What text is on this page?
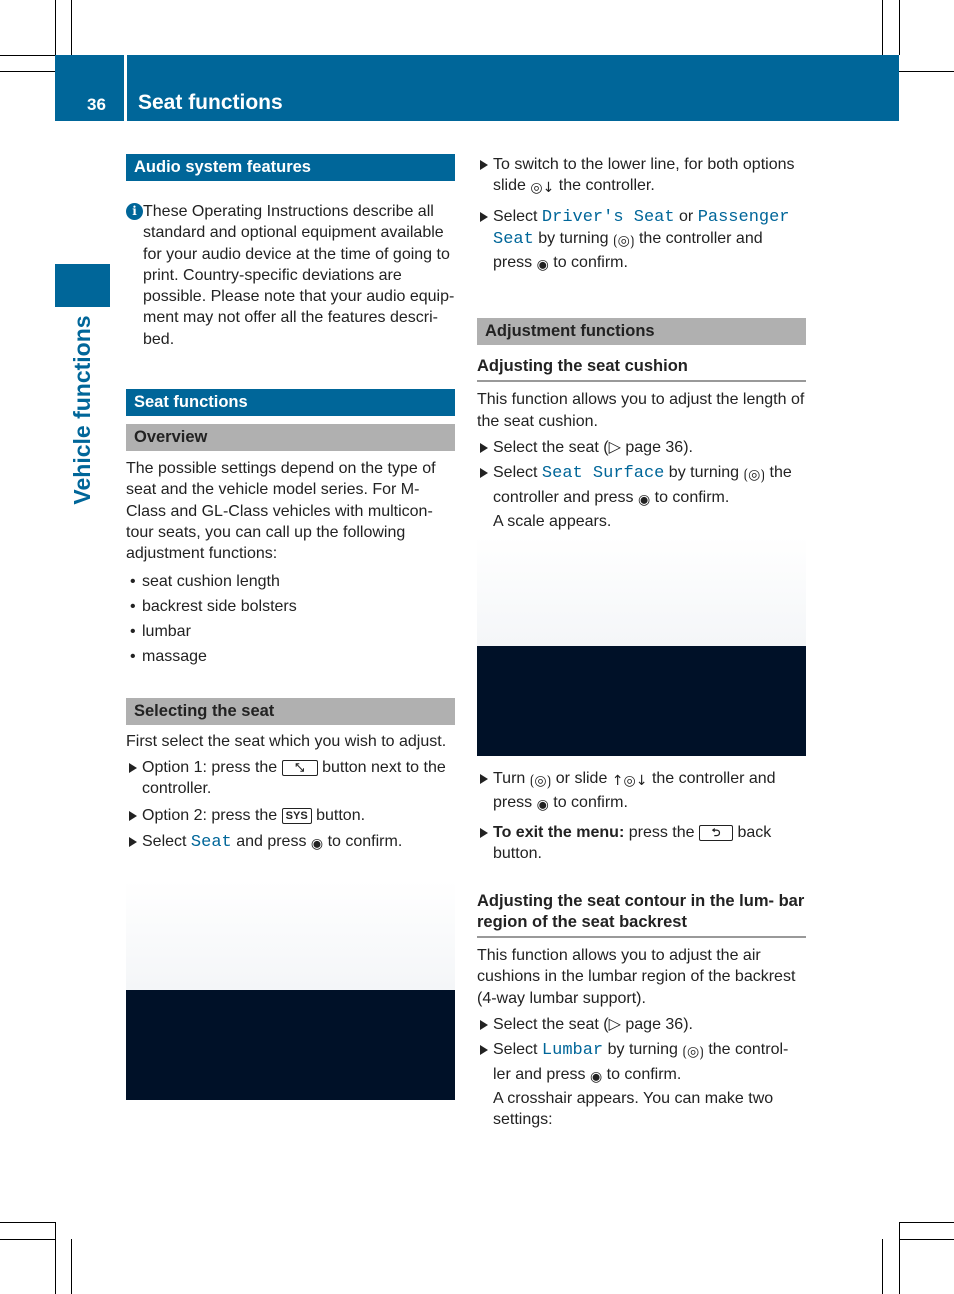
36 Seat functions
Vehicle functions
Audio system features
i These Operating Instructions describe all standard and optional equipment available for your audio device at the time of going to print. Country-specific deviations are possible. Please note that your audio equip- ment may not offer all the features descri- bed.

Seat functions
Overview

The possible settings depend on the type of seat and the vehicle model series. For M- Class and GL-Class vehicles with multicon- tour seats, you can call up the following adjustment functions:

• seat cushion length
• backrest side bolsters
• lumbar
• massage
Selecting the seat

First select the seat which you wish to adjust.

Option 1: press the ⤡ button next to the controller.
Option 2: press the SYS button.
Select Seat and press ◉ to confirm.
To switch to the lower line, for both options slide ◎↓ the controller.
Select Driver's Seat or Passenger Seat by turning ⟮◎⟯ the controller and press ◉ to confirm.
Adjustment functions
Adjusting the seat cushion

This function allows you to adjust the length of the seat cushion.

Select the seat (▷ page 36).
Select Seat Surface by turning ⟮◎⟯ the controller and press ◉ to confirm.
A scale appears.
Turn ⟮◎⟯ or slide ↑◎↓ the controller and press ◉ to confirm.
To exit the menu: press the ⮌ back button.
Adjusting the seat contour in the lum- bar region of the seat backrest

This function allows you to adjust the air cushions in the lumbar region of the backrest (4-way lumbar support).

Select the seat (▷ page 36).
Select Lumbar by turning ⟮◎⟯ the control- ler and press ◉ to confirm.
A crosshair appears. You can make two settings:
